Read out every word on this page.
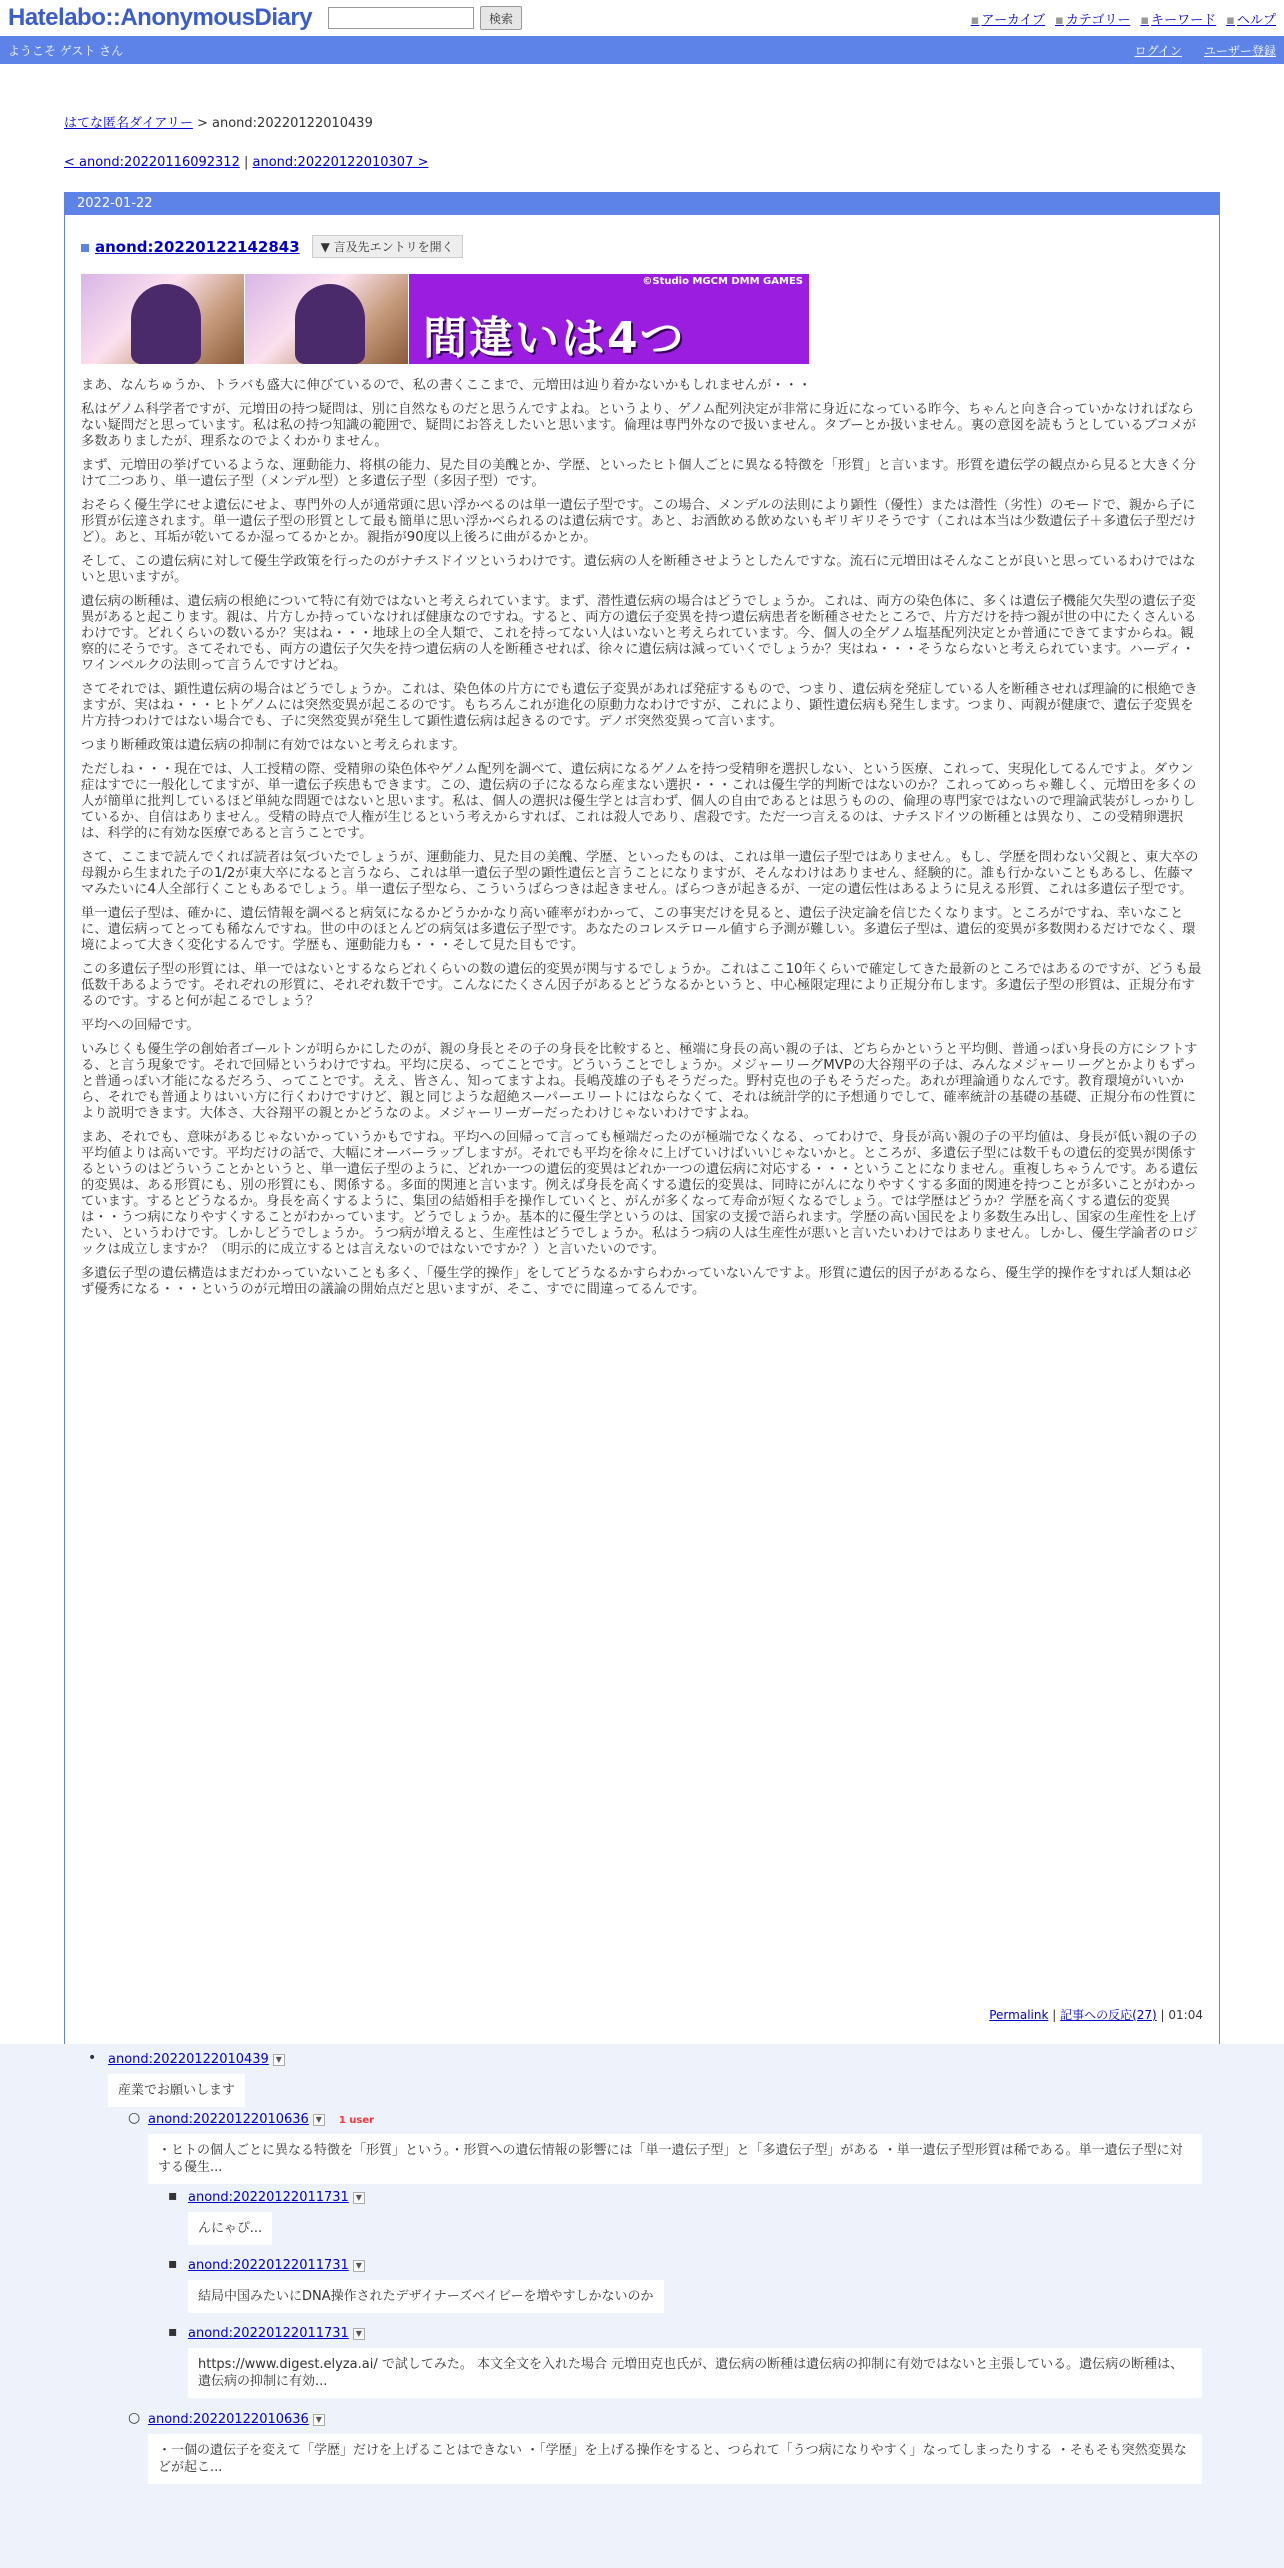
Hatelabo::AnonymousDiary	検索	▪ アーカイブ	▪ カテゴリー	▪ キーワード	▪ ヘルプ
ようこそ ゲスト さん	ログイン ユーザー登録
はてな匿名ダイアリー > anond:20220122010439
< anond:20220116092312 | anond:20220122010307 >
2022-01-22
anond:20220122142843	▼ 言及先エントリを開く
©Studio MGCM DMM GAMES
間違いは4つ

まあ、なんちゅうか、トラバも盛大に伸びているので、私の書くここまで、元増田は辿り着かないかもしれませんが・・・

私はゲノム科学者ですが、元増田の持つ疑問は、別に自然なものだと思うんですよね。というより、ゲノム配列決定が非常に身近になっている昨今、ちゃんと向き合っていかなければならない疑問だと思っています。私は私の持つ知識の範囲で、疑問にお答えしたいと思います。倫理は専門外なので扱いません。タブーとか扱いません。裏の意図を読もうとしているブコメが多数ありましたが、理系なのでよくわかりません。

まず、元増田の挙げているような、運動能力、将棋の能力、見た目の美醜とか、学歴、といったヒト個人ごとに異なる特徴を「形質」と言います。形質を遺伝学の観点から見ると大きく分けて二つあり、単一遺伝子型（メンデル型）と多遺伝子型（多因子型）です。

おそらく優生学にせよ遺伝にせよ、専門外の人が通常頭に思い浮かべるのは単一遺伝子型です。この場合、メンデルの法則により顕性（優性）または潜性（劣性）のモードで、親から子に形質が伝達されます。単一遺伝子型の形質として最も簡単に思い浮かべられるのは遺伝病です。あと、お酒飲める飲めないもギリギリそうです（これは本当は少数遺伝子＋多遺伝子型だけど）。あと、耳垢が乾いてるか湿ってるかとか。親指が90度以上後ろに曲がるかとか。

そして、この遺伝病に対して優生学政策を行ったのがナチスドイツというわけです。遺伝病の人を断種させようとしたんですな。流石に元増田はそんなことが良いと思っているわけではないと思いますが。

遺伝病の断種は、遺伝病の根絶について特に有効ではないと考えられています。まず、潜性遺伝病の場合はどうでしょうか。これは、両方の染色体に、多くは遺伝子機能欠失型の遺伝子変異があると起こります。親は、片方しか持っていなければ健康なのですね。すると、両方の遺伝子変異を持つ遺伝病患者を断種させたところで、片方だけを持つ親が世の中にたくさんいるわけです。どれくらいの数いるか？実はね・・・地球上の全人類で、これを持ってない人はいないと考えられています。今、個人の全ゲノム塩基配列決定とか普通にできてますからね。観察的にそうです。さてそれでも、両方の遺伝子欠失を持つ遺伝病の人を断種させれば、徐々に遺伝病は減っていくでしょうか？実はね・・・そうならないと考えられています。ハーディ・ワインベルクの法則って言うんですけどね。

さてそれでは、顕性遺伝病の場合はどうでしょうか。これは、染色体の片方にでも遺伝子変異があれば発症するもので、つまり、遺伝病を発症している人を断種させれば理論的に根絶できますが、実はね・・・ヒトゲノムには突然変異が起こるのです。もちろんこれが進化の原動力なわけですが、これにより、顕性遺伝病も発生します。つまり、両親が健康で、遺伝子変異を片方持つわけではない場合でも、子に突然変異が発生して顕性遺伝病は起きるのです。デノボ突然変異って言います。

つまり断種政策は遺伝病の抑制に有効ではないと考えられます。

ただしね・・・現在では、人工授精の際、受精卵の染色体やゲノム配列を調べて、遺伝病になるゲノムを持つ受精卵を選択しない、という医療、これって、実現化してるんですよ。ダウン症はすでに一般化してますが、単一遺伝子疾患もできます。この、遺伝病の子になるなら産まない選択・・・これは優生学的判断ではないのか？これってめっちゃ難しく、元増田を多くの人が簡単に批判しているほど単純な問題ではないと思います。私は、個人の選択は優生学とは言わず、個人の自由であるとは思うものの、倫理の専門家ではないので理論武装がしっかりしているか、自信はありません。受精の時点で人権が生じるという考えからすれば、これは殺人であり、虐殺です。ただ一つ言えるのは、ナチスドイツの断種とは異なり、この受精卵選択は、科学的に有効な医療であると言うことです。

さて、ここまで読んでくれば読者は気づいたでしょうが、運動能力、見た目の美醜、学歴、といったものは、これは単一遺伝子型ではありません。もし、学歴を問わない父親と、東大卒の母親から生まれた子の1/2が東大卒になると言うなら、これは単一遺伝子型の顕性遺伝と言うことになりますが、そんなわけはありません、経験的に。誰も行かないこともあるし、佐藤ママみたいに4人全部行くこともあるでしょう。単一遺伝子型なら、こういうばらつきは起きません。ばらつきが起きるが、一定の遺伝性はあるように見える形質、これは多遺伝子型です。

単一遺伝子型は、確かに、遺伝情報を調べると病気になるかどうかかなり高い確率がわかって、この事実だけを見ると、遺伝子決定論を信じたくなります。ところがですね、幸いなことに、遺伝病ってとっても稀なんですね。世の中のほとんどの病気は多遺伝子型です。あなたのコレステロール値すら予測が難しい。多遺伝子型は、遺伝的変異が多数関わるだけでなく、環境によって大きく変化するんです。学歴も、運動能力も・・・そして見た目もです。

この多遺伝子型の形質には、単一ではないとするならどれくらいの数の遺伝的変異が関与するでしょうか。これはここ10年くらいで確定してきた最新のところではあるのですが、どうも最低数千あるようです。それぞれの形質に、それぞれ数千です。こんなにたくさん因子があるとどうなるかというと、中心極限定理により正規分布します。多遺伝子型の形質は、正規分布するのです。すると何が起こるでしょう？

平均への回帰です。

いみじくも優生学の創始者ゴールトンが明らかにしたのが、親の身長とその子の身長を比較すると、極端に身長の高い親の子は、どちらかというと平均側、普通っぽい身長の方にシフトする、と言う現象です。それで回帰というわけですね。平均に戻る、ってことです。どういうことでしょうか。メジャーリーグMVPの大谷翔平の子は、みんなメジャーリーグとかよりもずっと普通っぽい才能になるだろう、ってことです。ええ、皆さん、知ってますよね。長嶋茂雄の子もそうだった。野村克也の子もそうだった。あれが理論通りなんです。教育環境がいいから、それでも普通よりはいい方に行くわけですけど、親と同じような超絶スーパーエリートにはならなくて、それは統計学的に予想通りでして、確率統計の基礎の基礎、正規分布の性質により説明できます。大体さ、大谷翔平の親とかどうなのよ。メジャーリーガーだったわけじゃないわけですよね。

まあ、それでも、意味があるじゃないかっていうかもですね。平均への回帰って言っても極端だったのが極端でなくなる、ってわけで、身長が高い親の子の平均値は、身長が低い親の子の平均値よりは高いです。平均だけの話で、大幅にオーバーラップしますが。それでも平均を徐々に上げていけばいいじゃないかと。ところが、多遺伝子型には数千もの遺伝的変異が関係するというのはどういうことかというと、単一遺伝子型のように、どれか一つの遺伝的変異はどれか一つの遺伝病に対応する・・・ということになりません。重複しちゃうんです。ある遺伝的変異は、ある形質にも、別の形質にも、関係する。多面的関連と言います。例えば身長を高くする遺伝的変異は、同時にがんになりやすくする多面的関連を持つことが多いことがわかっています。するとどうなるか。身長を高くするように、集団の結婚相手を操作していくと、がんが多くなって寿命が短くなるでしょう。では学歴はどうか？学歴を高くする遺伝的変異は・・うつ病になりやすくすることがわかっています。どうでしょうか。基本的に優生学というのは、国家の支援で語られます。学歴の高い国民をより多数生み出し、国家の生産性を上げたい、というわけです。しかしどうでしょうか。うつ病が増えると、生産性はどうでしょうか。私はうつ病の人は生産性が悪いと言いたいわけではありません。しかし、優生学論者のロジックは成立しますか？（明示的に成立するとは言えないのではないですか？）と言いたいのです。

多遺伝子型の遺伝構造はまだわかっていないことも多く、「優生学的操作」をしてどうなるかすらわかっていないんですよ。形質に遺伝的因子があるなら、優生学的操作をすれば人類は必ず優秀になる・・・というのが元増田の議論の開始点だと思いますが、そこ、すでに間違ってるんです。

Permalink | 記事への反応(27) | 01:04
• anond:20220122010439 ▼
産業でお願いします
○ anond:20220122010636 ▼ 1 user
・ヒトの個人ごとに異なる特徴を「形質」という。・形質への遺伝情報の影響には「単一遺伝子型」と「多遺伝子型」がある ・単一遺伝子型形質は稀である。単一遺伝子型に対する優生...
▪ anond:20220122011731 ▼
んにゃぴ...
▪ anond:20220122011731 ▼
結局中国みたいにDNA操作されたデザイナーズベイビーを増やすしかないのか
▪ anond:20220122011731 ▼
https://www.digest.elyza.ai/ で試してみた。 本文全文を入れた場合 元増田克也氏が、遺伝病の断種は遺伝病の抑制に有効ではないと主張している。遺伝病の断種は、遺伝病の抑制に有効...
○ anond:20220122010636 ▼
・一個の遺伝子を変えて「学歴」だけを上げることはできない ・「学歴」を上げる操作をすると、つられて「うつ病になりやすく」なってしまったりする ・そもそも突然変異などが起こ...
